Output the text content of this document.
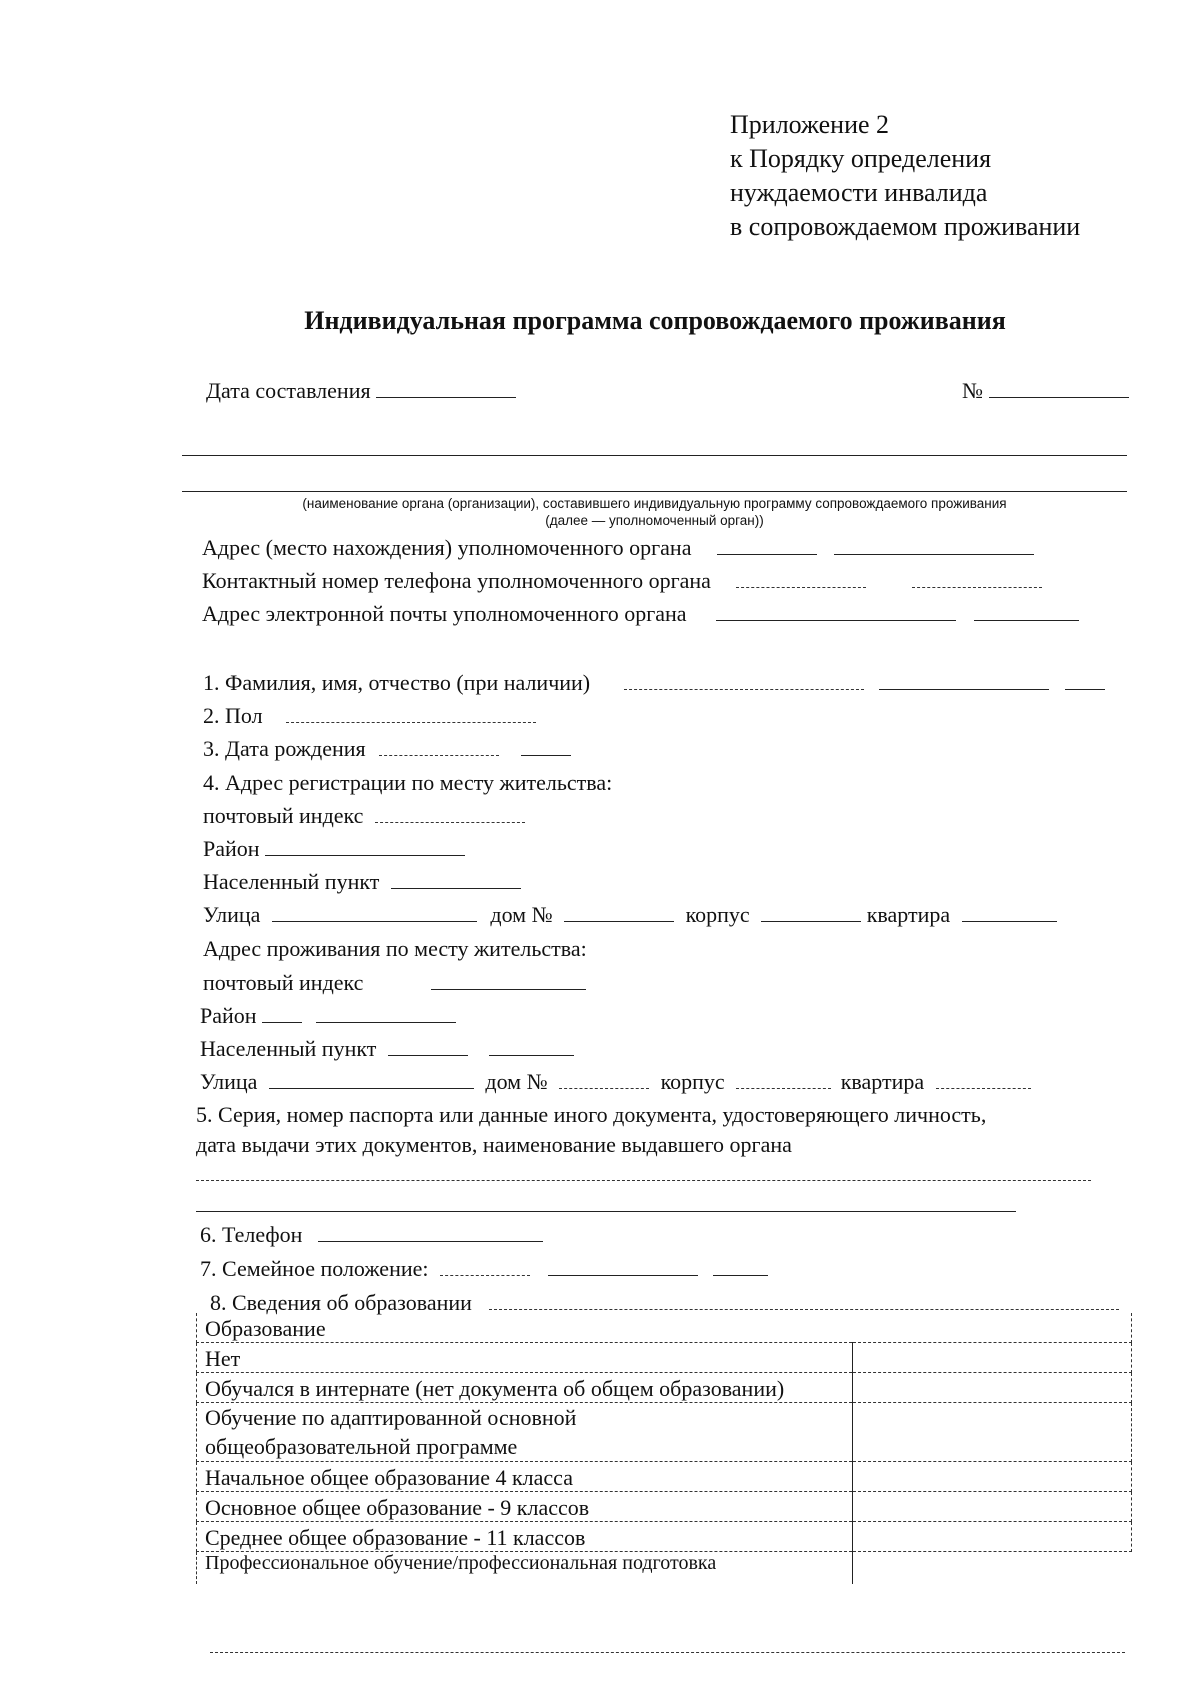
Приложение 2
к Порядку определения
нуждаемости инвалида
в сопровождаемом проживании
Индивидуальная программа сопровождаемого проживания
Дата составления	№
(наименование органа (организации), составившего индивидуальную программу сопровождаемого проживания
(далее — уполномоченный орган))
Адрес (место нахождения) уполномоченного органа
Контактный номер телефона уполномоченного органа
Адрес электронной почты уполномоченного органа
1. Фамилия, имя, отчество (при наличии)
2. Пол
3. Дата рождения
4. Адрес регистрации по месту жительства:
почтовый индекс
Район
Населенный пункт
Улица	дом №	корпус	квартира
Адрес проживания по месту жительства:
почтовый индекс
Район
Населенный пункт
Улица	дом №	корпус	квартира
5. Серия, номер паспорта или данные иного документа, удостоверяющего личность,
дата выдачи этих документов, наименование выдавшего органа
6. Телефон
7. Семейное положение:
8. Сведения об образовании
Образование	
Нет	
Обучался в интернате (нет документа об общем образовании)	

Обучение по адаптированной основной
общеобразовательной программе	

Начальное общее образование 4 класса	
Основное общее образование - 9 классов	
Среднее общее образование - 11 классов	
Профессиональное обучение/профессиональная подготовка	
